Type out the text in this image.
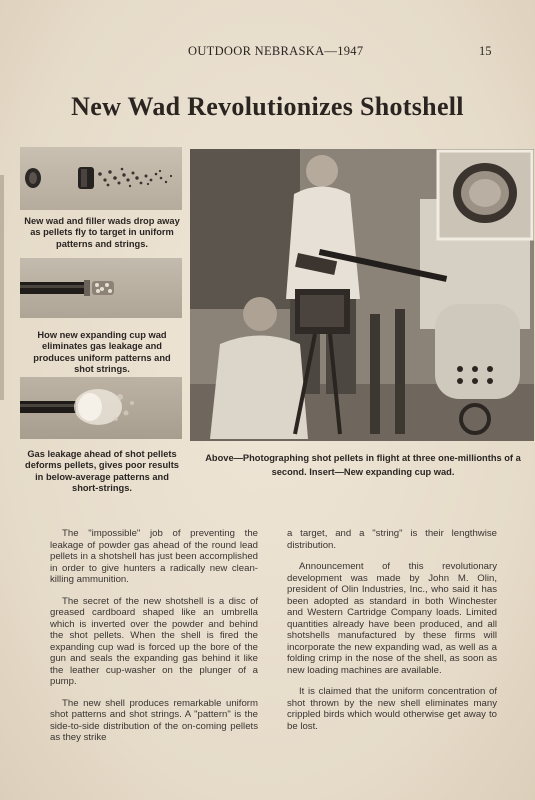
OUTDOOR NEBRASKA—1947	15
New Wad Revolutionizes Shotshell
New wad and filler wads drop away as pellets fly to target in uniform patterns and strings.
How new expanding cup wad eliminates gas leakage and produces uniform patterns and shot strings.
Gas leakage ahead of shot pellets deforms pellets, gives poor results in below-average patterns and short-strings.
Above—Photographing shot pellets in flight at three one-millionths of a second. Insert—New expanding cup wad.

The "impossible" job of preventing the leakage of powder gas ahead of the round lead pellets in a shotshell has just been accomplished in order to give hunters a radically new clean-killing ammunition.

The secret of the new shotshell is a disc of greased cardboard shaped like an umbrella which is inverted over the powder and behind the shot pellets. When the shell is fired the expanding cup wad is forced up the bore of the gun and seals the expanding gas behind it like the leather cup-washer on the plunger of a pump.

The new shell produces remarkable uniform shot patterns and shot strings. A "pattern" is the side-to-side distribution of the on-coming pellets as they strike

a target, and a "string" is their lengthwise distribution.

Announcement of this revolutionary development was made by John M. Olin, president of Olin Industries, Inc., who said it has been adopted as standard in both Winchester and Western Cartridge Company loads. Limited quantities already have been produced, and all shotshells manufactured by these firms will incorporate the new expanding wad, as well as a folding crimp in the nose of the shell, as soon as new loading machines are available.

It is claimed that the uniform concentration of shot thrown by the new shell eliminates many crippled birds which would otherwise get away to be lost.
